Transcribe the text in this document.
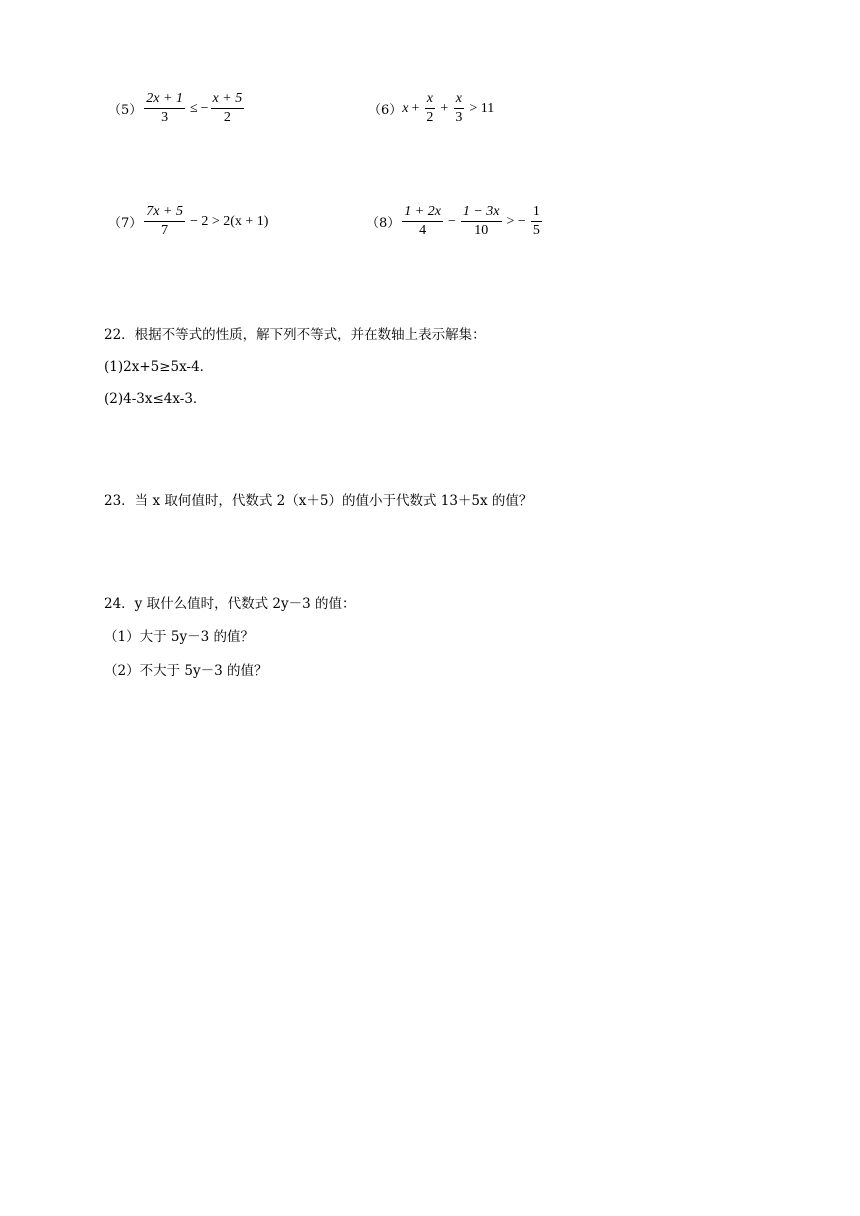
$(5) \frac{2x + 1}{3}$ ≤ − $\frac{x + 5}{2}$	（6） $x + \frac{x}{2} + \frac{x}{3} > 11$
$(7) \frac{7x + 5}{7} - 2 > 2(x + 1)$	$(8) \frac{1 + 2x}{4} - \frac{1 - 3x}{10}$ > − $\frac{1}{5}$
22．根据不等式的性质，解下列不等式，并在数轴上表示解集：
(1)2x+5≥5x-4．
(2)4-3x≤4x-3．
23．当 x 取何值时，代数式 2（x＋5）的值小于代数式 13＋5x 的值？
24．y 取什么值时，代数式 2y－3 的值：
（1）大于 5y－3 的值？
（2）不大于 5y－3 的值？
